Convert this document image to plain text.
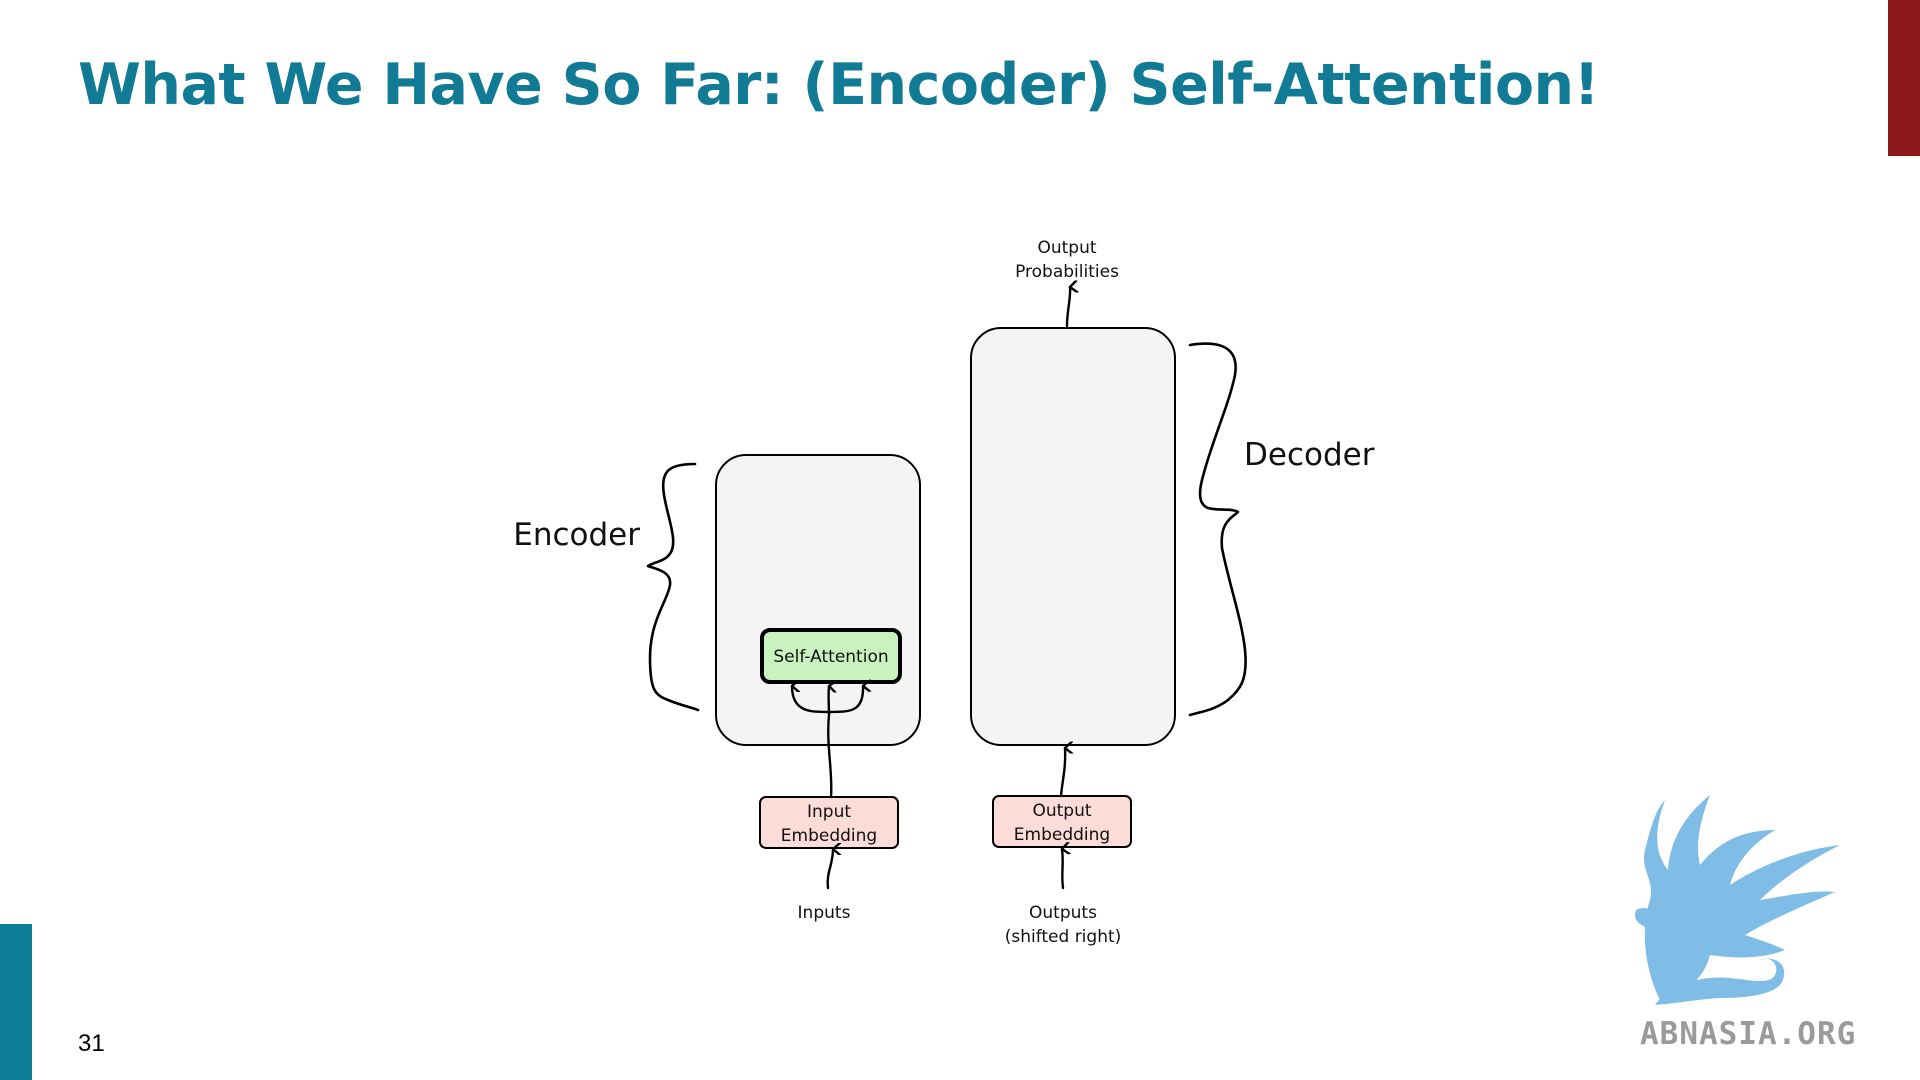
What We Have So Far: (Encoder) Self-Attention!
Self-Attention
Input
Embedding
Output
Embedding
Encoder
Decoder
Inputs	Outputs
(shifted right)
Output
Probabilities
31	ABNASIA.ORG
